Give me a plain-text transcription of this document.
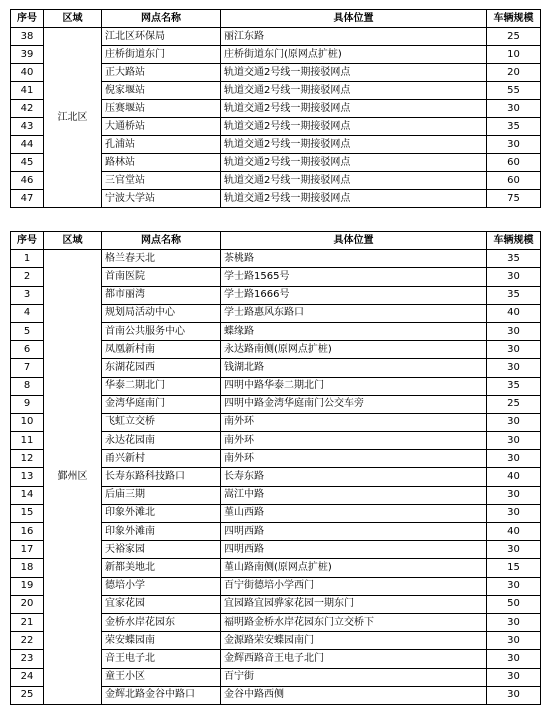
序号	区域	网点名称	具体位置	车辆规模
38	江北区	江北区环保局	丽江东路	25
39		庄桥街道东门	庄桥街道东门(原网点扩桩)	10
40		正大路站	轨道交通2号线一期接驳网点	20
41		倪家堰站	轨道交通2号线一期接驳网点	55
42		压赛堰站	轨道交通2号线一期接驳网点	30
43		大通桥站	轨道交通2号线一期接驳网点	35
44		孔浦站	轨道交通2号线一期接驳网点	30
45		路林站	轨道交通2号线一期接驳网点	60
46		三官堂站	轨道交通2号线一期接驳网点	60
47		宁波大学站	轨道交通2号线一期接驳网点	75
序号	区域	网点名称	具体位置	车辆规模
1	鄞州区	格兰春天北	茶桃路	35
2		首南医院	学士路1565号	30
3		都市丽湾	学士路1666号	35
4		规划局活动中心	学士路惠风东路口	40
5		首南公共服务中心	蝶缘路	30
6		凤凰新村南	永达路南侧(原网点扩桩)	30
7		东湖花园西	钱湖北路	30
8		华泰二期北门	四明中路华泰二期北门	35
9		金湾华庭南门	四明中路金湾华庭南门公交车旁	25
10		飞虹立交桥	南外环	30
11		永达花园南	南外环	30
12		甬兴新村	南外环	30
13		长寿东路科技路口	长寿东路	40
14		后庙三期	嵩江中路	30
15		印象外滩北	堇山西路	30
16		印象外滩南	四明西路	40
17		天裕家园	四明西路	30
18		新都美地北	堇山路南侧(原网点扩桩)	15
19		德培小学	百宁街德培小学西门	30
20		宜家花园	宜园路宜园骅家花园一期东门	50
21		金桥水岸花园东	福明路金桥水岸花园东门立交桥下	30
22		荣安蝶园南	金源路荣安蝶园南门	30
23		音王电子北	金辉西路音王电子北门	30
24		童王小区	百宁街	30
25		金辉北路金谷中路口	金谷中路西侧	30
